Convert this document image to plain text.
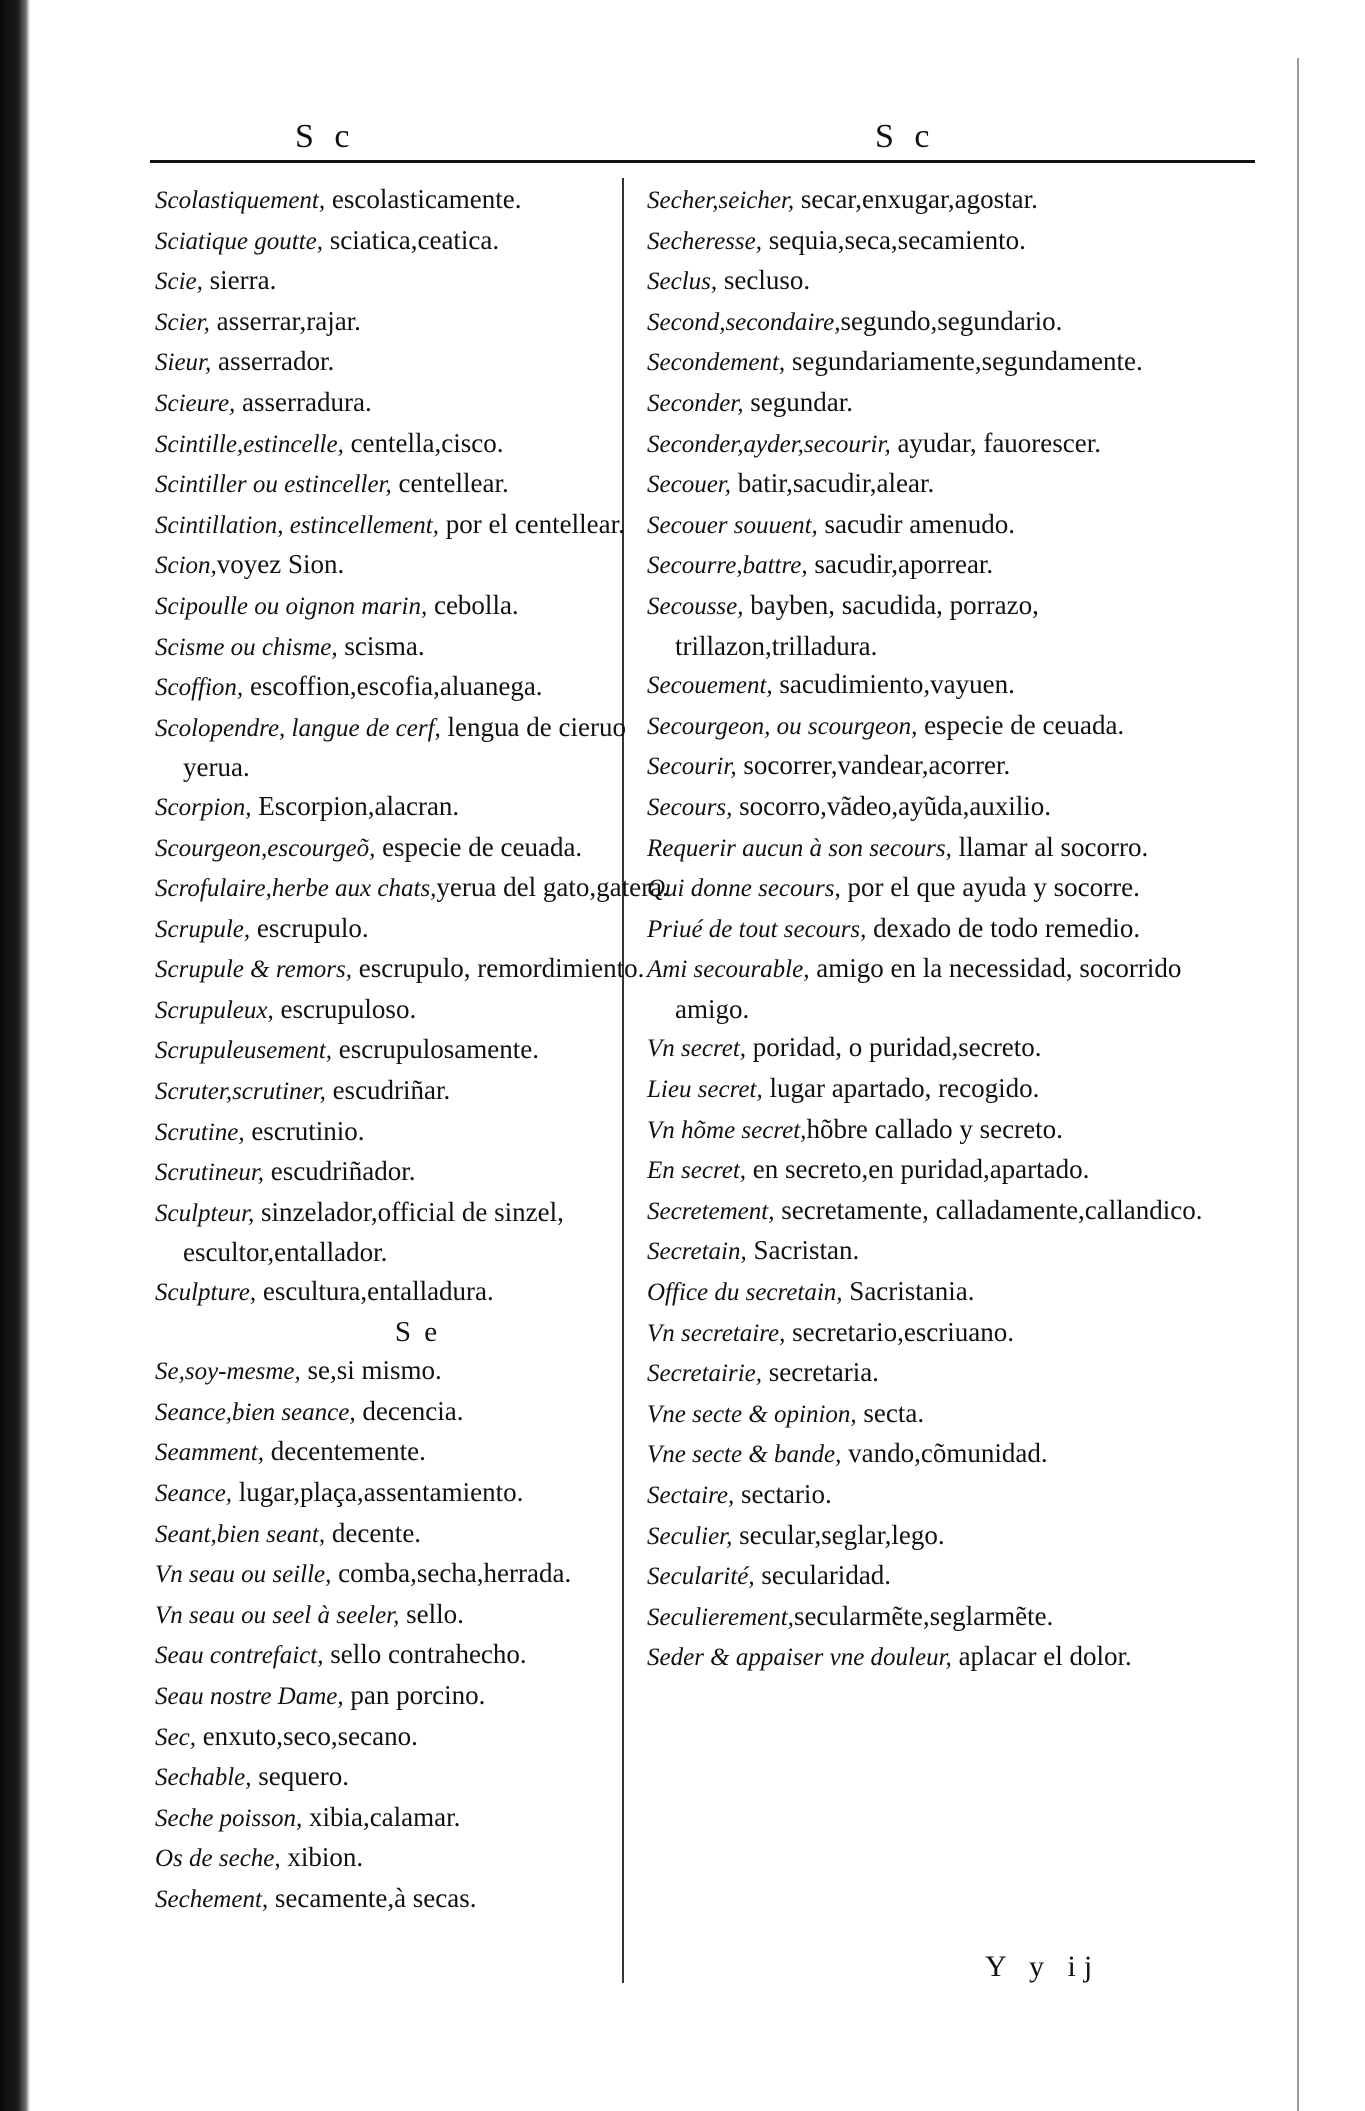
S c	S c

Scolastiquement, escolasticamente.

Sciatique goutte, sciatica,ceatica.

Scie, sierra.

Scier, asserrar,rajar.

Sieur, asserrador.

Scieure, asserradura.

Scintille,estincelle, centella,cisco.

Scintiller ou estinceller, centellear.

Scintillation, estincellement, por el centellear.

Scion,voyez Sion.

Scipoulle ou oignon marin, cebolla.

Scisme ou chisme, scisma.

Scoffion, escoffion,escofia,aluanega.

Scolopendre, langue de cerf, lengua de cieruo yerua.

Scorpion, Escorpion,alacran.

Scourgeon,escourgeõ, especie de ceuada.

Scrofulaire,herbe aux chats,yerua del gato,gatera.

Scrupule, escrupulo.

Scrupule & remors, escrupulo, remordimiento.

Scrupuleux, escrupuloso.

Scrupuleusement, escrupulosamente.

Scruter,scrutiner, escudriñar.

Scrutine, escrutinio.

Scrutineur, escudriñador.

Sculpteur, sinzelador,official de sinzel, escultor,entallador.

Sculpture, escultura,entalladura.

S e

Se,soy-mesme, se,si mismo.

Seance,bien seance, decencia.

Seamment, decentemente.

Seance, lugar,plaça,assentamiento.

Seant,bien seant, decente.

Vn seau ou seille, comba,secha,herrada.

Vn seau ou seel à seeler, sello.

Seau contrefaict, sello contrahecho.

Seau nostre Dame, pan porcino.

Sec, enxuto,seco,secano.

Sechable, sequero.

Seche poisson, xibia,calamar.

Os de seche, xibion.

Sechement, secamente,à secas.

Secher,seicher, secar,enxugar,agostar.

Secheresse, sequia,seca,secamiento.

Seclus, secluso.

Second,secondaire,segundo,segundario.

Secondement, segundariamente,segundamente.

Seconder, segundar.

Seconder,ayder,secourir, ayudar, fauorescer.

Secouer, batir,sacudir,alear.

Secouer souuent, sacudir amenudo.

Secourre,battre, sacudir,aporrear.

Secousse, bayben, sacudida, porrazo, trillazon,trilladura.

Secouement, sacudimiento,vayuen.

Secourgeon, ou scourgeon, especie de ceuada.

Secourir, socorrer,vandear,acorrer.

Secours, socorro,vãdeo,ayũda,auxilio.

Requerir aucun à son secours, llamar al socorro.

Qui donne secours, por el que ayuda y socorre.

Priué de tout secours, dexado de todo remedio.

Ami secourable, amigo en la necessidad, socorrido amigo.

Vn secret, poridad, o puridad,secreto.

Lieu secret, lugar apartado, recogido.

Vn hõme secret,hõbre callado y secreto.

En secret, en secreto,en puridad,apartado.

Secretement, secretamente, calladamente,callandico.

Secretain, Sacristan.

Office du secretain, Sacristania.

Vn secretaire, secretario,escriuano.

Secretairie, secretaria.

Vne secte & opinion, secta.

Vne secte & bande, vando,cõmunidad.

Sectaire, sectario.

Seculier, secular,seglar,lego.

Secularité, secularidad.

Seculierement,secularmẽte,seglarmẽte.

Seder & appaiser vne douleur, aplacar el dolor.

Y y ij
